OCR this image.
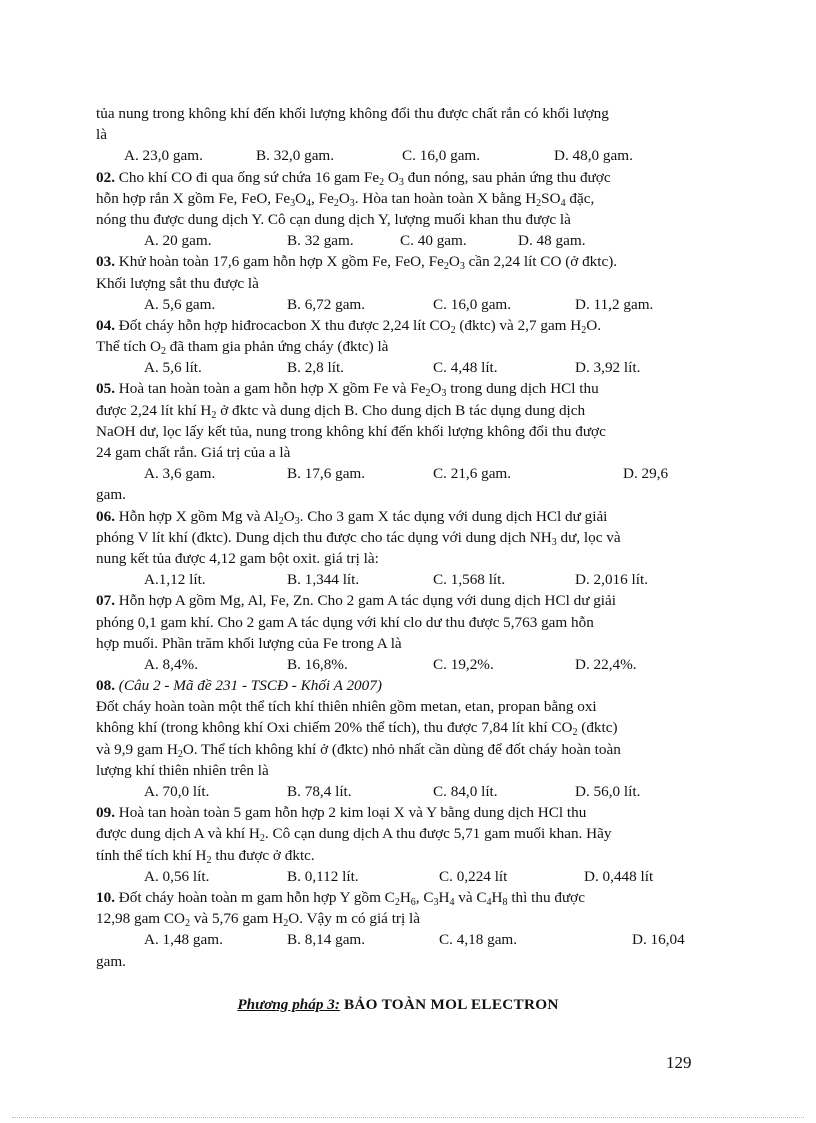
tủa nung trong không khí đến khối lượng không đổi thu được chất rắn có khối lượng
là
A. 23,0 gam.	B. 32,0 gam.	C. 16,0 gam.	D. 48,0 gam.
02. Cho khí CO đi qua ống sứ chứa 16 gam $Fe_2$ $O_3$ đun nóng, sau phản ứng thu được
hỗn hợp rắn X gồm Fe, FeO, $Fe_3O_4$, $Fe_2O_3$. Hòa tan hoàn toàn X bằng $H_2SO_4$ đặc,
nóng thu được dung dịch Y. Cô cạn dung dịch Y, lượng muối khan thu được là
A. 20 gam.	B. 32 gam.	C. 40 gam.	D. 48 gam.
03. Khử hoàn toàn 17,6 gam hỗn hợp X gồm Fe, FeO, $Fe_2O_3$ cần 2,24 lít CO (ở đktc).
Khối lượng sắt thu được là
A. 5,6 gam.	B. 6,72 gam.	C. 16,0 gam.	D. 11,2 gam.
04. Đốt cháy hỗn hợp hiđrocacbon X thu được 2,24 lít $CO_2$ (đktc) và 2,7 gam $H_2O$.
Thể tích $O_2$ đã tham gia phản ứng cháy (đktc) là
A. 5,6 lít.	B. 2,8 lít.	C. 4,48 lít.	D. 3,92 lít.
05. Hoà tan hoàn toàn a gam hỗn hợp X gồm Fe và $Fe_2O_3$ trong dung dịch HCl thu
được 2,24 lít khí $H_2$ ở đktc và dung dịch B. Cho dung dịch B tác dụng dung dịch
NaOH dư, lọc lấy kết tủa, nung trong không khí đến khối lượng không đổi thu được
24 gam chất rắn. Giá trị của a là
A. 3,6 gam.	B. 17,6 gam.	C. 21,6 gam.	D. 29,6
gam.
06. Hỗn hợp X gồm Mg và $Al_2O_3$. Cho 3 gam X tác dụng với dung dịch HCl dư giải
phóng V lít khí (đktc). Dung dịch thu được cho tác dụng với dung dịch $NH_3$ dư, lọc và
nung kết tủa được 4,12 gam bột oxit. giá trị là:
A.1,12 lít.	B. 1,344 lít.	C. 1,568 lít.	D. 2,016 lít.
07. Hỗn hợp A gồm Mg, Al, Fe, Zn. Cho 2 gam A tác dụng với dung dịch HCl dư giải
phóng 0,1 gam khí. Cho 2 gam A tác dụng với khí clo dư thu được 5,763 gam hỗn
hợp muối. Phần trăm khối lượng của Fe trong A là
A. 8,4%.	B. 16,8%.	C. 19,2%.	D. 22,4%.
08. (Câu 2 - Mã đề 231 - TSCĐ - Khối A 2007)
Đốt cháy hoàn toàn một thể tích khí thiên nhiên gồm metan, etan, propan bằng oxi
không khí (trong không khí Oxi chiếm 20% thể tích), thu được 7,84 lít khí $CO_2$ (đktc)
và 9,9 gam $H_2O$. Thể tích không khí ở (đktc) nhỏ nhất cần dùng để đốt cháy hoàn toàn
lượng khí thiên nhiên trên là
A. 70,0 lít.	B. 78,4 lít.	C. 84,0 lít.	D. 56,0 lít.
09. Hoà tan hoàn toàn 5 gam hỗn hợp 2 kim loại X và Y bằng dung dịch HCl thu
được dung dịch A và khí $H_2$. Cô cạn dung dịch A thu được 5,71 gam muối khan. Hãy
tính thể tích khí $H_2$ thu được ở đktc.
A. 0,56 lít.	B. 0,112 lít.	C. 0,224 lít	D. 0,448 lít
10. Đốt cháy hoàn toàn m gam hỗn hợp Y gồm $C_2H_6$, $C_3H_4$ và $C_4H_8$ thì thu được
12,98 gam $CO_2$ và 5,76 gam $H_2O$. Vậy m có giá trị là
A. 1,48 gam.	B. 8,14 gam.	C. 4,18 gam.	D. 16,04
gam.
Phương pháp 3: BẢO TOÀN MOL ELECTRON
129
